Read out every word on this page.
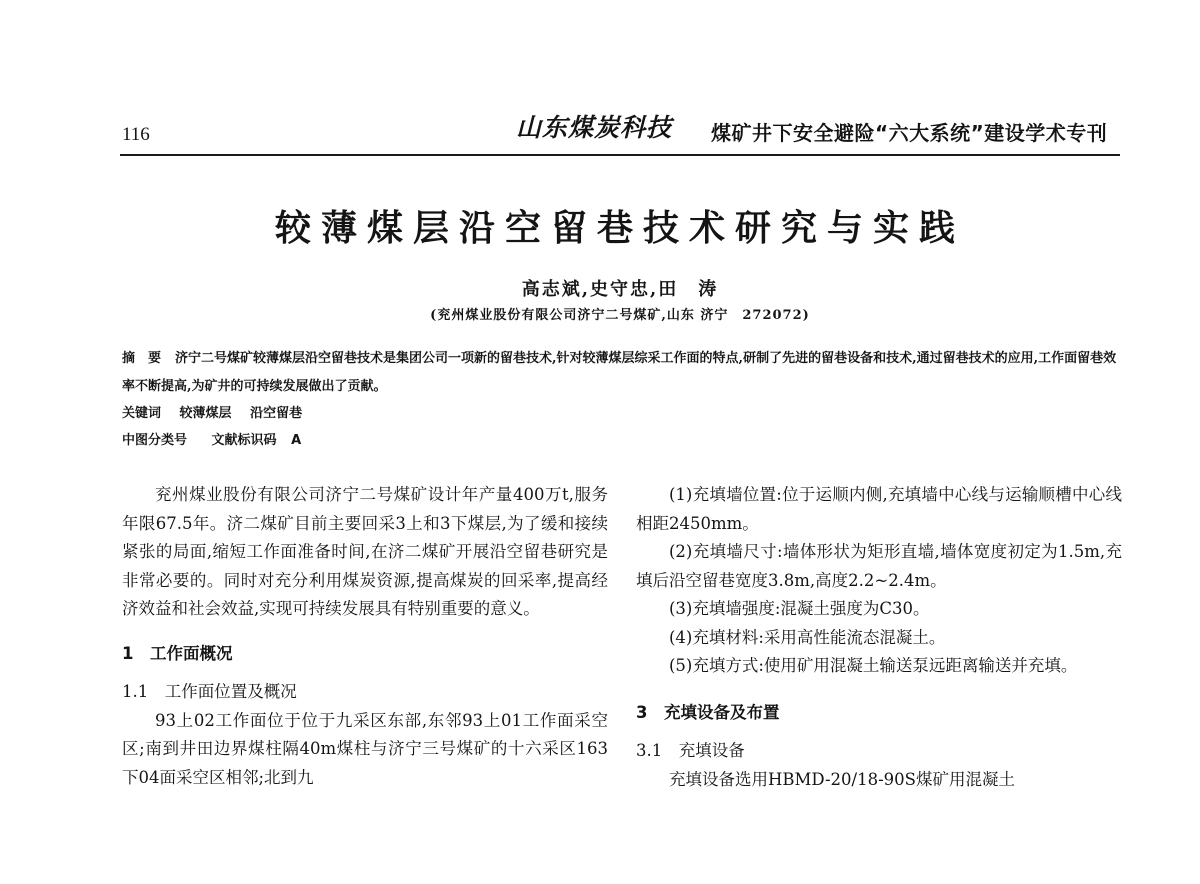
116	山东煤炭科技 煤矿井下安全避险“六大系统”建设学术专刊
较薄煤层沿空留巷技术研究与实践
高志斌,史守忠,田　涛
(兖州煤业股份有限公司济宁二号煤矿,山东 济宁　272072)
摘　要 济宁二号煤矿较薄煤层沿空留巷技术是集团公司一项新的留巷技术,针对较薄煤层综采工作面的特点,研制了先进的留巷设备和技术,通过留巷技术的应用,工作面留巷效率不断提高,为矿井的可持续发展做出了贡献。
关键词 较薄煤层 沿空留巷
中图分类号 文献标识码 A

兖州煤业股份有限公司济宁二号煤矿设计年产量400万t,服务年限67.5年。济二煤矿目前主要回采3上和3下煤层,为了缓和接续紧张的局面,缩短工作面准备时间,在济二煤矿开展沿空留巷研究是非常必要的。同时对充分利用煤炭资源,提高煤炭的回采率,提高经济效益和社会效益,实现可持续发展具有特别重要的意义。

1　工作面概况
1.1　工作面位置及概况

93上02工作面位于位于九采区东部,东邻93上01工作面采空区;南到井田边界煤柱隔40m煤柱与济宁三号煤矿的十六采区163下04面采空区相邻;北到九

(1)充填墙位置:位于运顺内侧,充填墙中心线与运输顺槽中心线相距2450mm。

(2)充填墙尺寸:墙体形状为矩形直墙,墙体宽度初定为1.5m,充填后沿空留巷宽度3.8m,高度2.2~2.4m。

(3)充填墙强度:混凝土强度为C30。

(4)充填材料:采用高性能流态混凝土。

(5)充填方式:使用矿用混凝土输送泵远距离输送并充填。

3　充填设备及布置
3.1　充填设备

充填设备选用HBMD-20/18-90S煤矿用混凝土
